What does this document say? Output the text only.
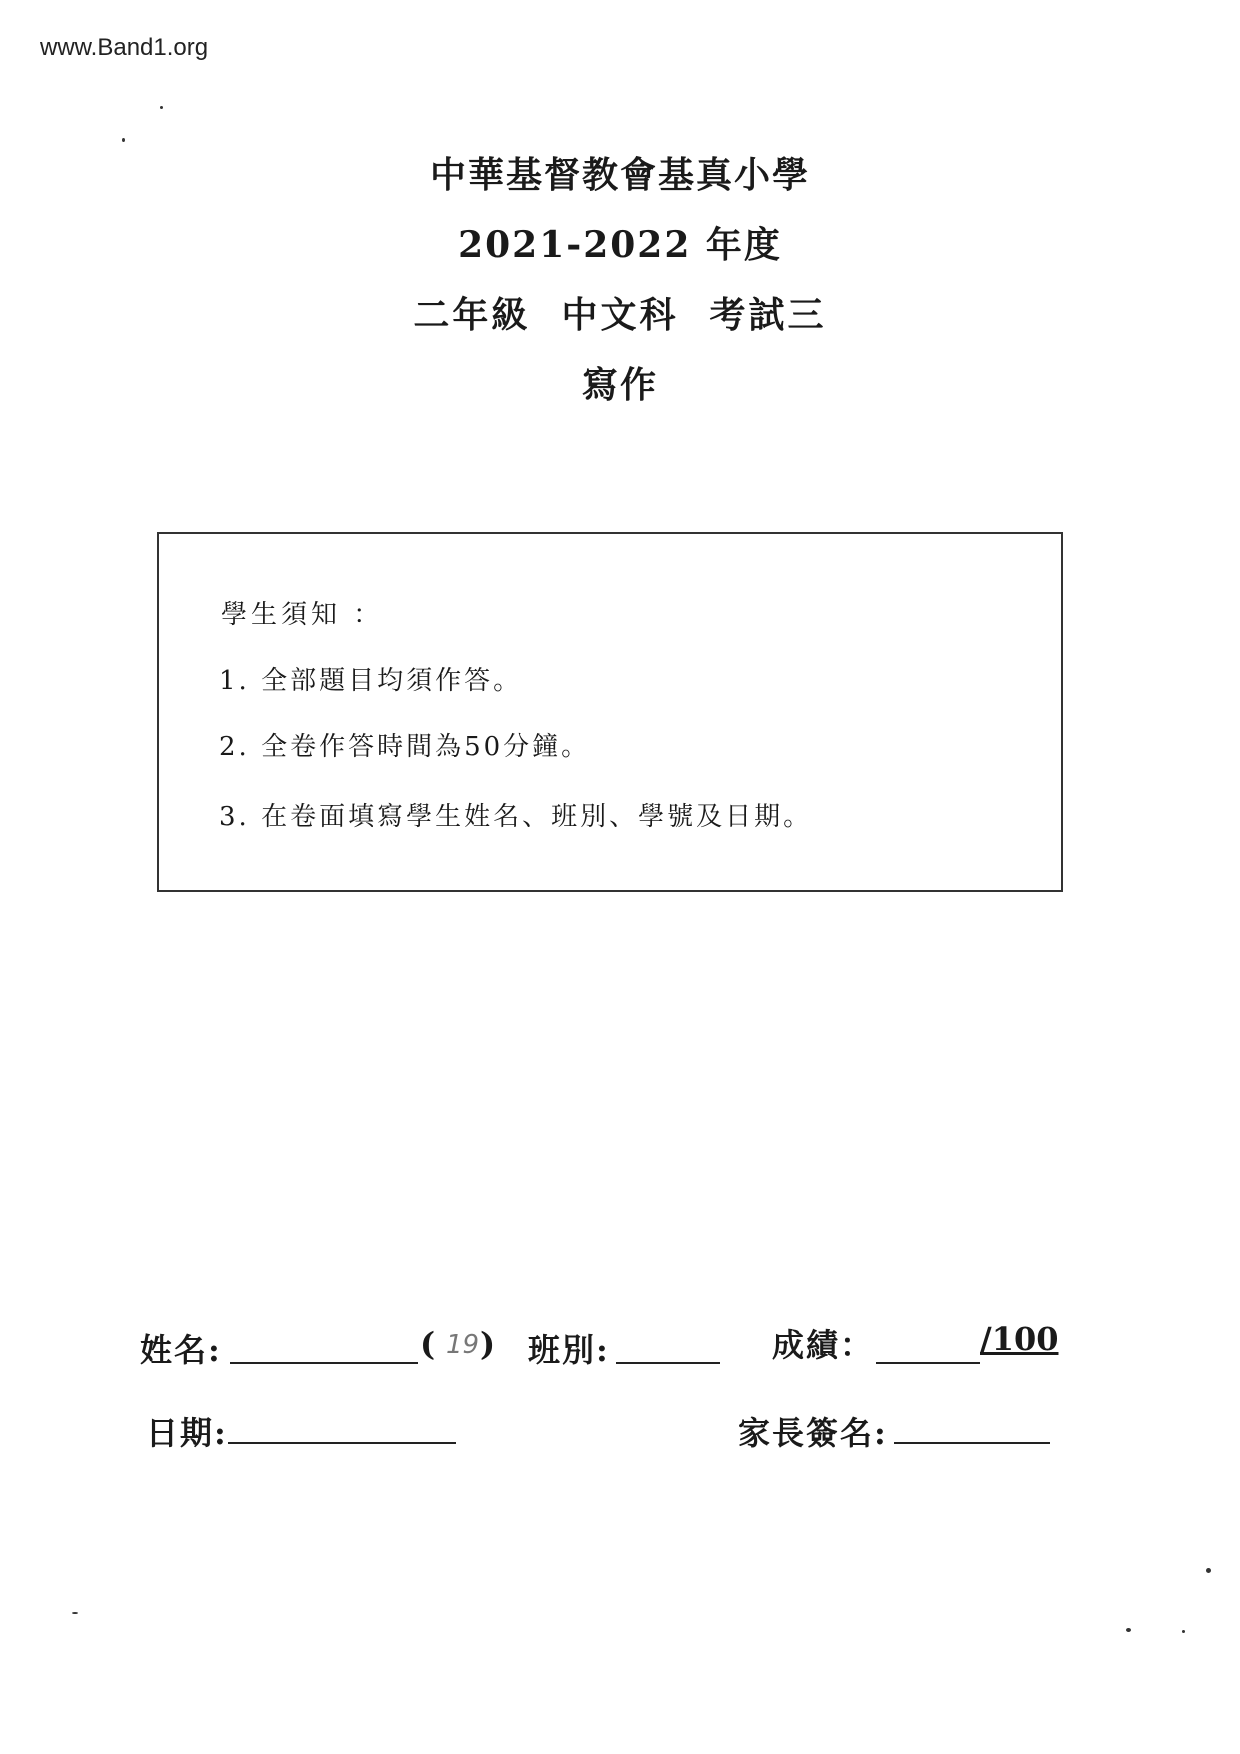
www.Band1.org
中華基督教會基真小學
2021-2022 年度
二年級  中文科  考試三
寫作
學生須知 ：
1. 全部題目均須作答。
2. 全卷作答時間為50分鐘。
3. 在卷面填寫學生姓名、班別、學號及日期。
姓名:	( 19 ) 班別:	成績：	/100
日期:	家長簽名:
